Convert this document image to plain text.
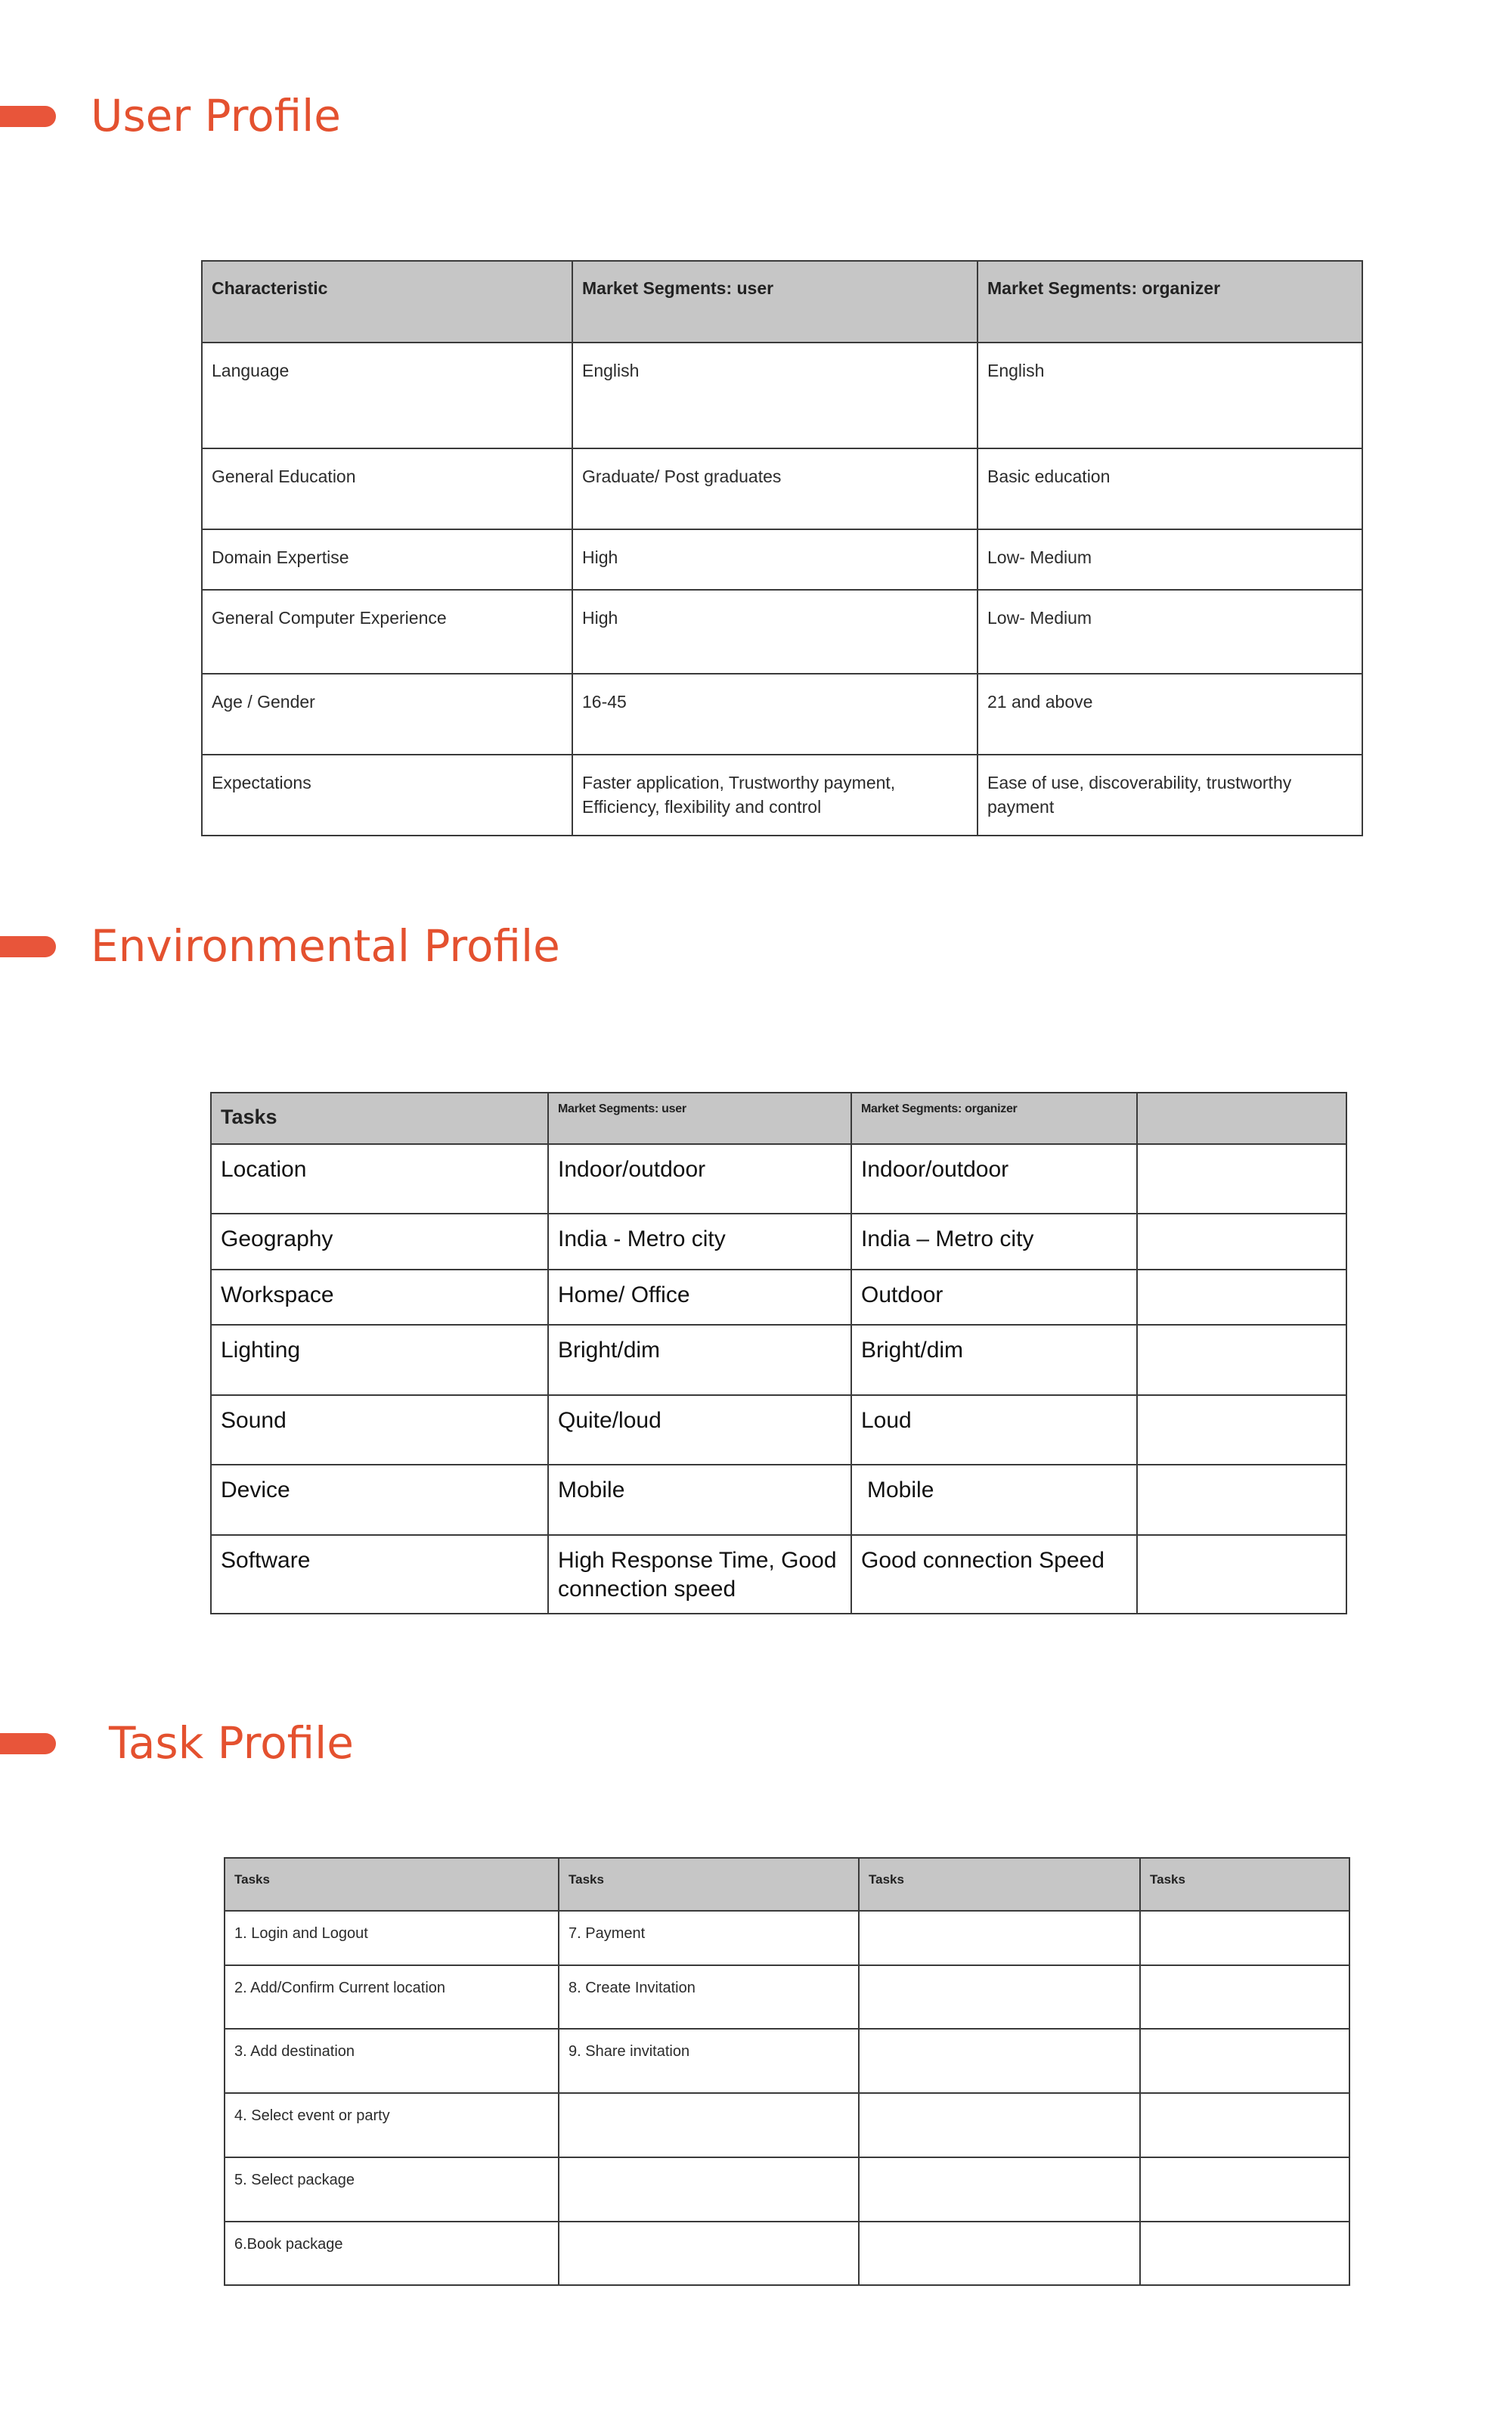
User Profile
Characteristic	Market Segments: user	Market Segments: organizer
Language	English	English
General Education	Graduate/ Post graduates	Basic education
Domain Expertise	High	Low- Medium
General Computer Experience	High	Low- Medium
Age / Gender	16-45	21 and above
Expectations	Faster application, Trustworthy payment, Efficiency, flexibility and control	Ease of use, discoverability, trustworthy payment
Environmental Profile
Tasks	Market Segments: user	Market Segments: organizer	
Location	Indoor/outdoor	Indoor/outdoor	
Geography	India - Metro city	India – Metro city	
Workspace	Home/ Office	Outdoor	
Lighting	Bright/dim	Bright/dim	
Sound	Quite/loud	Loud	
Device	Mobile	Mobile	
Software	High Response Time, Good connection speed	Good connection Speed	
Task Profile
Tasks	Tasks	Tasks	Tasks
1. Login and Logout	7. Payment		
2. Add/Confirm Current location	8. Create Invitation		
3. Add destination	9. Share invitation		
4. Select event or party			
5. Select package			
6.Book package			
